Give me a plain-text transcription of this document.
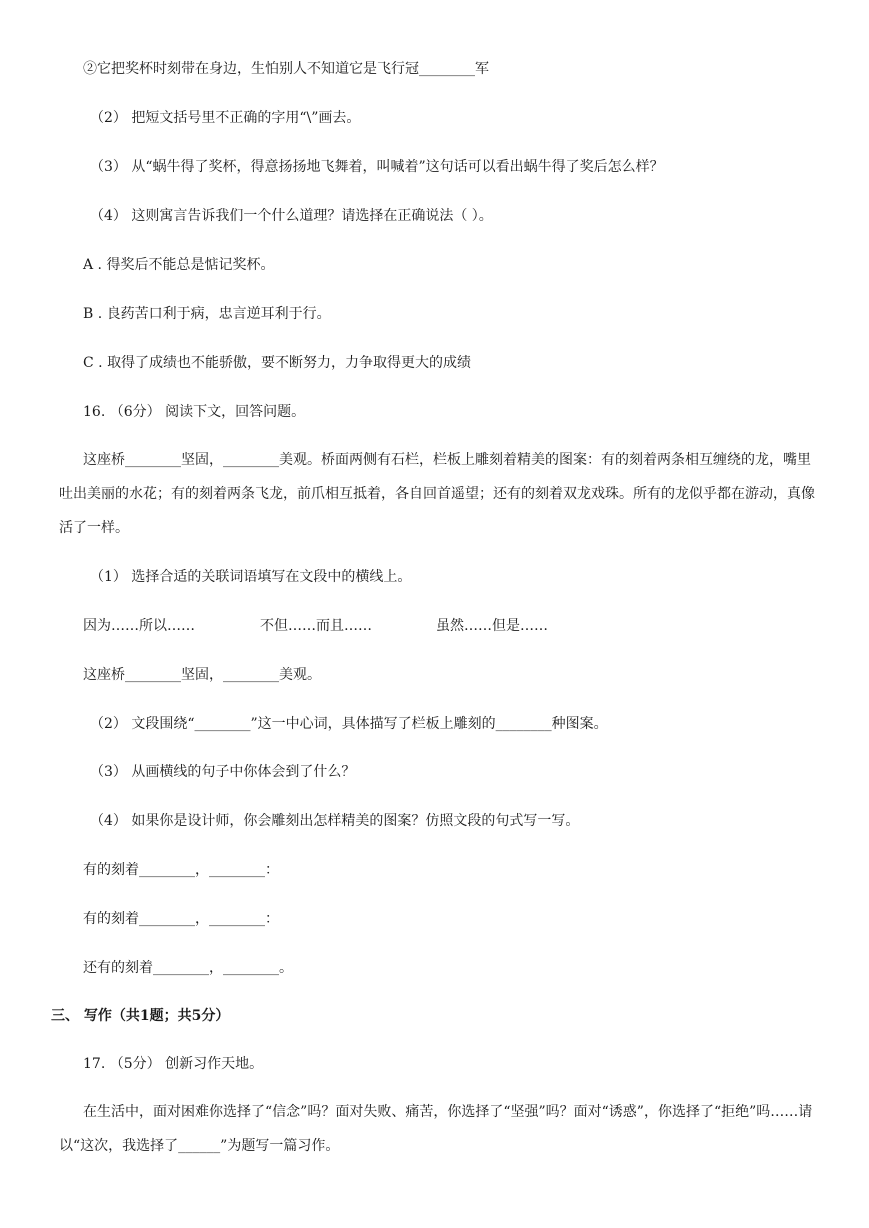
②它把奖杯时刻带在身边，生怕别人不知道它是飞行冠________军
（2） 把短文括号里不正确的字用“\”画去。
（3） 从“蜗牛得了奖杯，得意扬扬地飞舞着，叫喊着”这句话可以看出蜗牛得了奖后怎么样？
（4） 这则寓言告诉我们一个什么道理？请选择在正确说法（ ）。
A . 得奖后不能总是惦记奖杯。
B . 良药苦口利于病，忠言逆耳利于行。
C . 取得了成绩也不能骄傲，要不断努力，力争取得更大的成绩
16. （6分） 阅读下文，回答问题。
这座桥________坚固，________美观。桥面两侧有石栏，栏板上雕刻着精美的图案：有的刻着两条相互缠绕的龙，嘴里吐出美丽的水花；有的刻着两条飞龙，前爪相互抵着，各自回首遥望；还有的刻着双龙戏珠。所有的龙似乎都在游动，真像活了一样。
（1） 选择合适的关联词语填写在文段中的横线上。
因为……所以……	不但……而且……	虽然……但是……
这座桥________坚固，________美观。
（2） 文段围绕“________”这一中心词，具体描写了栏板上雕刻的________种图案。
（3） 从画横线的句子中你体会到了什么？
（4） 如果你是设计师，你会雕刻出怎样精美的图案？仿照文段的句式写一写。
有的刻着________，________：
有的刻着________，________：
还有的刻着________，________。
三、 写作（共1题；共5分）
17. （5分） 创新习作天地。
在生活中，面对困难你选择了“信念”吗？面对失败、痛苦，你选择了“坚强”吗？面对“诱惑”，你选择了“拒绝”吗……请以“这次，我选择了______”为题写一篇习作。
